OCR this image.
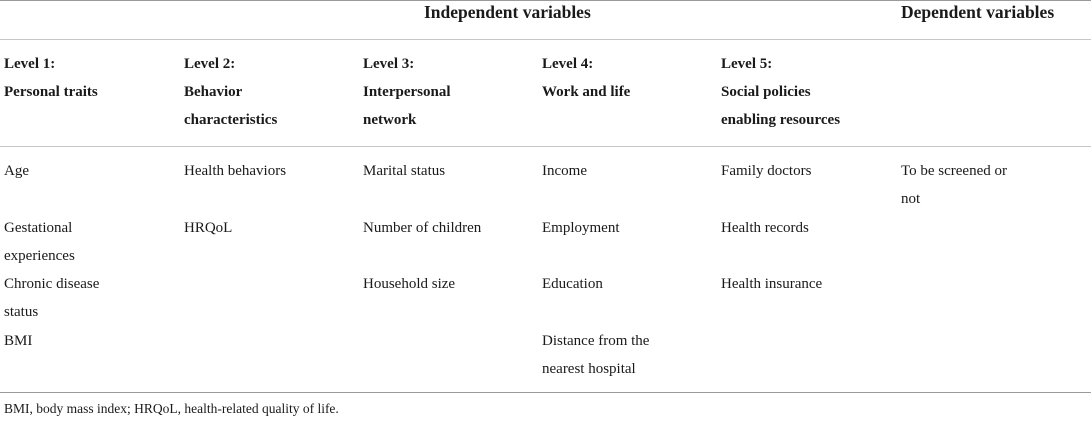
Independent variables	Dependent variables
Level 1:
Personal traits
Level 2:
Behavior
characteristics
Level 3:
Interpersonal
network
Level 4:
Work and life
Level 5:
Social policies
enabling resources
Age
Gestational
experiences
Chronic disease
status
BMI
Health behaviors
HRQoL
Marital status
Number of children
Household size
Income
Employment
Education
Distance from the
nearest hospital
Family doctors
Health records
Health insurance
To be screened or
not
BMI, body mass index; HRQoL, health-related quality of life.
